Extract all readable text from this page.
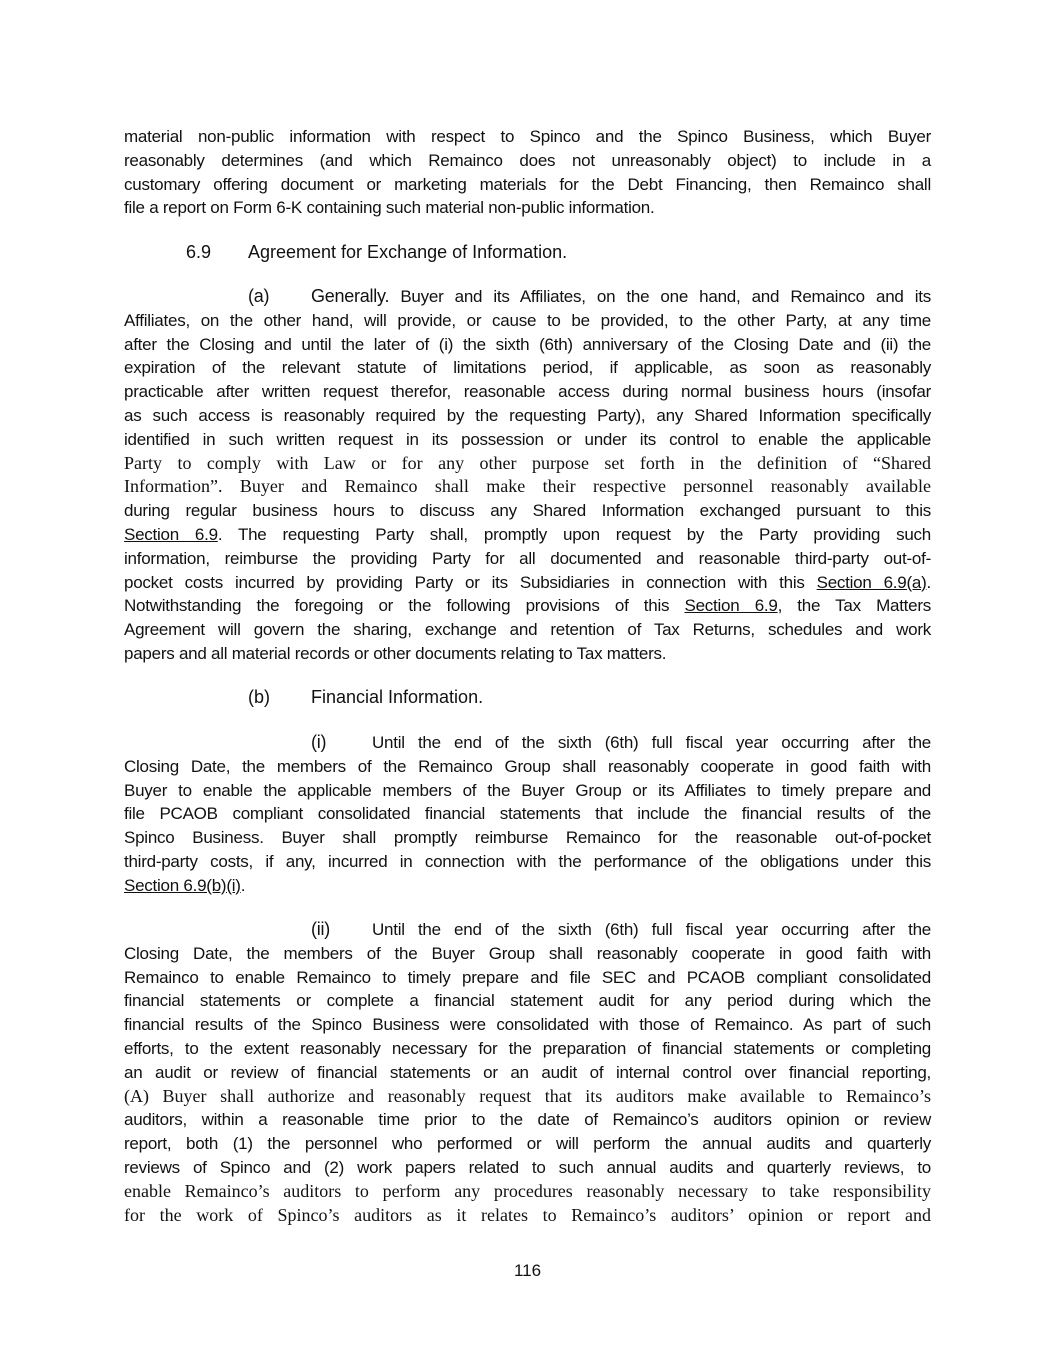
material non-public information with respect to Spinco and the Spinco Business, which Buyer
reasonably determines (and which Remainco does not unreasonably object) to include in a
customary offering document or marketing materials for the Debt Financing, then Remainco shall
file a report on Form 6-K containing such material non-public information.
6.9 Agreement for Exchange of Information.
(a) Generally. Buyer and its Affiliates, on the one hand, and Remainco and its
Affiliates, on the other hand, will provide, or cause to be provided, to the other Party, at any time
after the Closing and until the later of (i) the sixth (6th) anniversary of the Closing Date and (ii) the
expiration of the relevant statute of limitations period, if applicable, as soon as reasonably
practicable after written request therefor, reasonable access during normal business hours (insofar
as such access is reasonably required by the requesting Party), any Shared Information specifically
identified in such written request in its possession or under its control to enable the applicable
Party to comply with Law or for any other purpose set forth in the definition of “Shared
Information”. Buyer and Remainco shall make their respective personnel reasonably available
during regular business hours to discuss any Shared Information exchanged pursuant to this
Section 6.9. The requesting Party shall, promptly upon request by the Party providing such
information, reimburse the providing Party for all documented and reasonable third-party out-of-
pocket costs incurred by providing Party or its Subsidiaries in connection with this Section 6.9(a).
Notwithstanding the foregoing or the following provisions of this Section 6.9, the Tax Matters
Agreement will govern the sharing, exchange and retention of Tax Returns, schedules and work
papers and all material records or other documents relating to Tax matters.
(b) Financial Information.
(i)	Until the end of the sixth (6th) full fiscal year occurring after the
Closing Date, the members of the Remainco Group shall reasonably cooperate in good faith with
Buyer to enable the applicable members of the Buyer Group or its Affiliates to timely prepare and
file PCAOB compliant consolidated financial statements that include the financial results of the
Spinco Business. Buyer shall promptly reimburse Remainco for the reasonable out-of-pocket
third-party costs, if any, incurred in connection with the performance of the obligations under this
Section 6.9(b)(i).
(ii) Until the end of the sixth (6th) full fiscal year occurring after the
Closing Date, the members of the Buyer Group shall reasonably cooperate in good faith with
Remainco to enable Remainco to timely prepare and file SEC and PCAOB compliant consolidated
financial statements or complete a financial statement audit for any period during which the
financial results of the Spinco Business were consolidated with those of Remainco. As part of such
efforts, to the extent reasonably necessary for the preparation of financial statements or completing
an audit or review of financial statements or an audit of internal control over financial reporting,
(A) Buyer shall authorize and reasonably request that its auditors make available to Remainco’s
auditors, within a reasonable time prior to the date of Remainco’s auditors opinion or review
report, both (1) the personnel who performed or will perform the annual audits and quarterly
reviews of Spinco and (2) work papers related to such annual audits and quarterly reviews, to
enable Remainco’s auditors to perform any procedures reasonably necessary to take responsibility
for the work of Spinco’s auditors as it relates to Remainco’s auditors’ opinion or report and
116
